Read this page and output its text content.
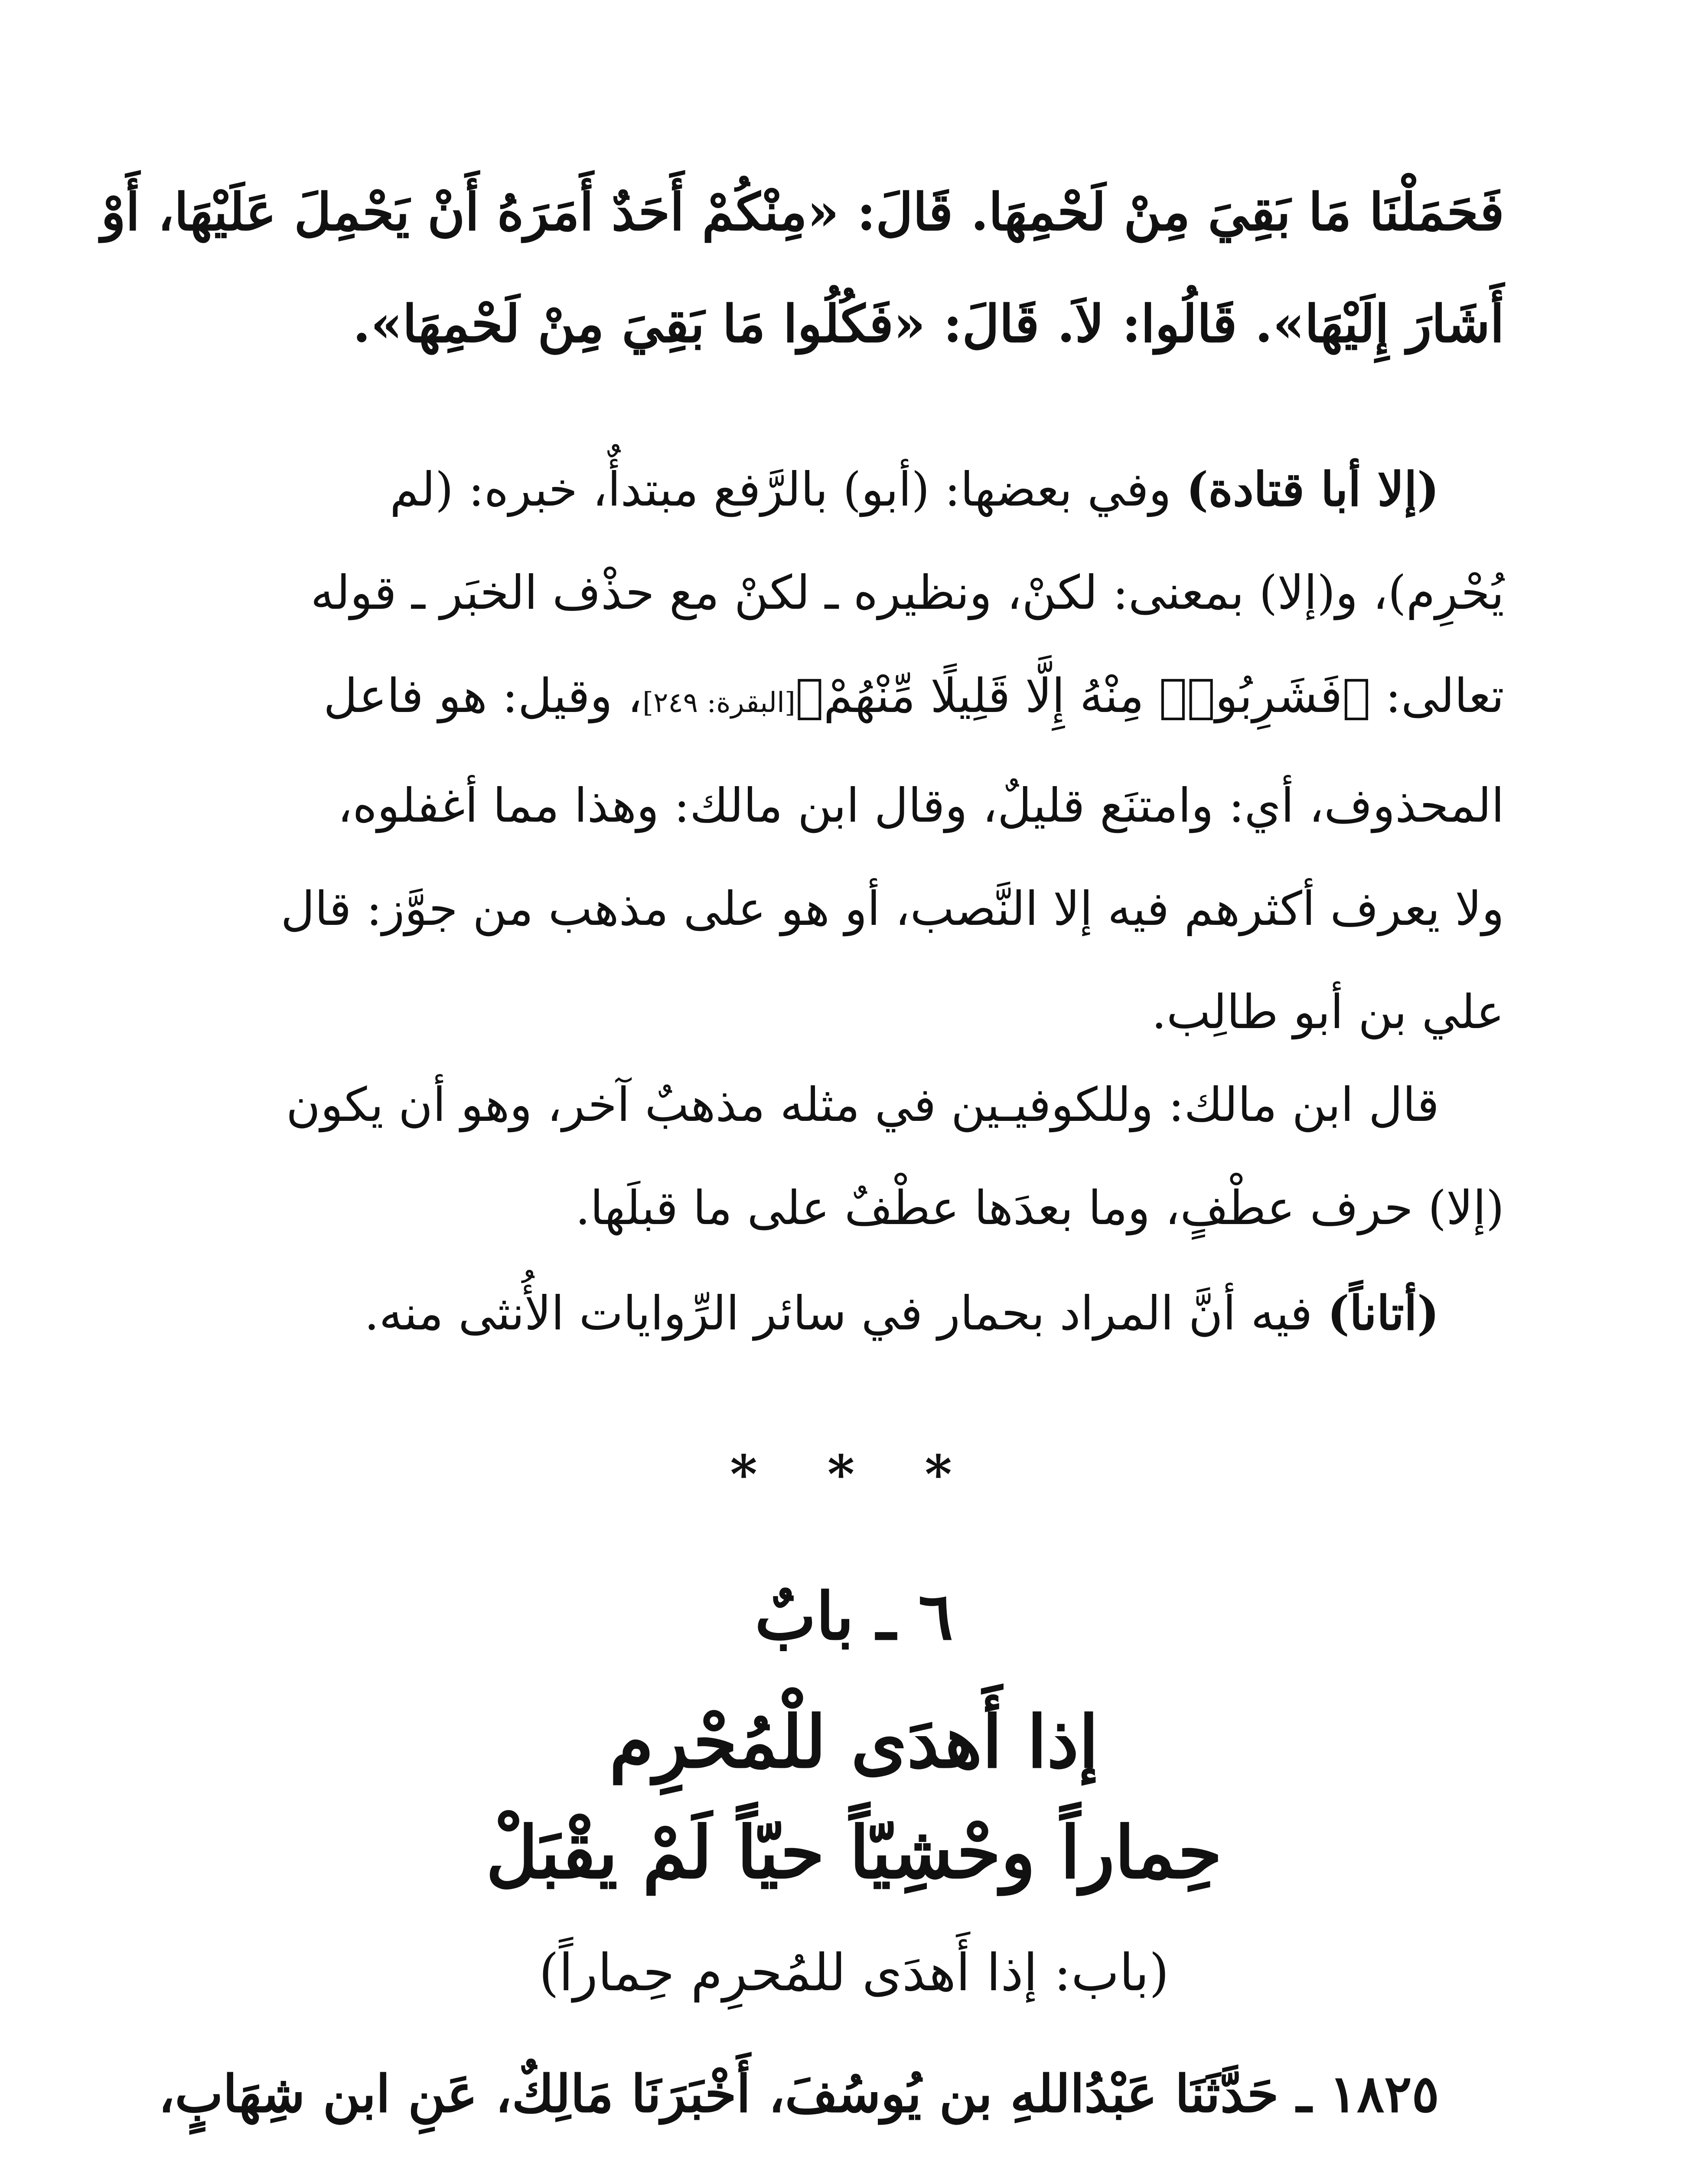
فَحَمَلْنَا مَا بَقِيَ مِنْ لَحْمِهَا. قَالَ: «مِنْكُمْ أَحَدٌ أَمَرَهُ أَنْ يَحْمِلَ عَلَيْهَا، أَوْ
أَشَارَ إِلَيْهَا». قَالُوا: لاَ. قَالَ: «فَكُلُوا مَا بَقِيَ مِنْ لَحْمِهَا».
(إلا أبا قتادة) وفي بعضها: (أبو) بالرَّفع مبتدأٌ، خبره: (لم
يُحْرِم)، و(إلا) بمعنى: لكنْ، ونظيره ـ لكنْ مع حذْف الخبَر ـ قوله
تعالى: ﴿فَشَرِبُوا۟ مِنْهُ إِلَّا قَلِيلًا مِّنْهُمْ﴾[البقرة: ٢٤٩]، وقيل: هو فاعل
المحذوف، أي: وامتنَع قليلٌ، وقال ابن مالك: وهذا مما أغفلوه،
ولا يعرف أكثرهم فيه إلا النَّصب، أو هو على مذهب من جوَّز: قال
علي بن أبو طالِب.
قال ابن مالك: وللكوفيـين في مثله مذهبٌ آخر، وهو أن يكون
(إلا) حرف عطْفٍ، وما بعدَها عطْفٌ على ما قبلَها.
(أتاناً) فيه أنَّ المراد بحمار في سائر الرِّوايات الأُنثى منه.
* * *
٦ ـ بابٌ
إذا أَهدَى للْمُحْرِم
حِماراً وحْشِيّاً حيّاً لَمْ يقْبَلْ
(باب: إذا أَهدَى للمُحرِم حِماراً)
١٨٢٥ ـ حَدَّثَنَا عَبْدُاللهِ بن يُوسُفَ، أَخْبَرَنَا مَالِكٌ، عَنِ ابن شِهَابٍ،
